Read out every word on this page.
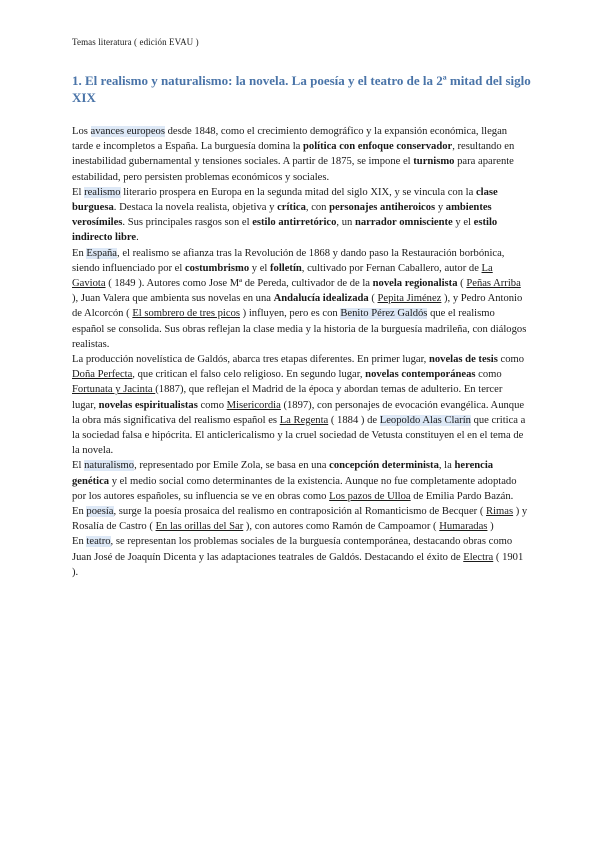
Temas literatura ( edición EVAU )
1. El realismo y naturalismo: la novela. La poesía y el teatro de la 2ª mitad del siglo XIX

Los avances europeos desde 1848, como el crecimiento demográfico y la expansión económica, llegan tarde e incompletos a España. La burguesía domina la política con enfoque conservador, resultando en inestabilidad gubernamental y tensiones sociales. A partir de 1875, se impone el turnismo para aparente estabilidad, pero persisten problemas económicos y sociales.

El realismo literario prospera en Europa en la segunda mitad del siglo XIX, y se vincula con la clase burguesa. Destaca la novela realista, objetiva y crítica, con personajes antiheroicos y ambientes verosímiles. Sus principales rasgos son el estilo antirretórico, un narrador omnisciente y el estilo indirecto libre.

En España, el realismo se afianza tras la Revolución de 1868 y dando paso la Restauración borbónica, siendo influenciado por el costumbrismo y el folletín, cultivado por Fernan Caballero, autor de La Gaviota ( 1849 ). Autores como Jose Mª de Pereda, cultivador de de la novela regionalista ( Peñas Arriba ), Juan Valera que ambienta sus novelas en una Andalucía idealizada ( Pepita Jiménez ), y Pedro Antonio de Alcorcón ( El sombrero de tres picos ) influyen, pero es con Benito Pérez Galdós que el realismo español se consolida. Sus obras reflejan la clase media y la historia de la burguesía madrileña, con diálogos realistas.

La producción novelística de Galdós, abarca tres etapas diferentes. En primer lugar, novelas de tesis como Doña Perfecta, que critican el falso celo religioso. En segundo lugar, novelas contemporáneas como Fortunata y Jacinta (1887), que reflejan el Madrid de la época y abordan temas de adulterio. En tercer lugar, novelas espiritualistas como Misericordia (1897), con personajes de evocación evangélica. Aunque la obra más significativa del realismo español es La Regenta ( 1884 ) de Leopoldo Alas Clarín que critica a la sociedad falsa e hipócrita. El anticlericalismo y la cruel sociedad de Vetusta constituyen el en el tema de la novela.

El naturalismo, representado por Emile Zola, se basa en una concepción determinista, la herencia genética y el medio social como determinantes de la existencia. Aunque no fue completamente adoptado por los autores españoles, su influencia se ve en obras como Los pazos de Ulloa de Emilia Pardo Bazán.

En poesía, surge la poesía prosaica del realismo en contraposición al Romanticismo de Becquer ( Rimas ) y Rosalía de Castro ( En las orillas del Sar ), con autores como Ramón de Campoamor ( Humaradas )

En teatro, se representan los problemas sociales de la burguesía contemporánea, destacando obras como Juan José de Joaquín Dicenta y las adaptaciones teatrales de Galdós. Destacando el éxito de Electra ( 1901 ).
